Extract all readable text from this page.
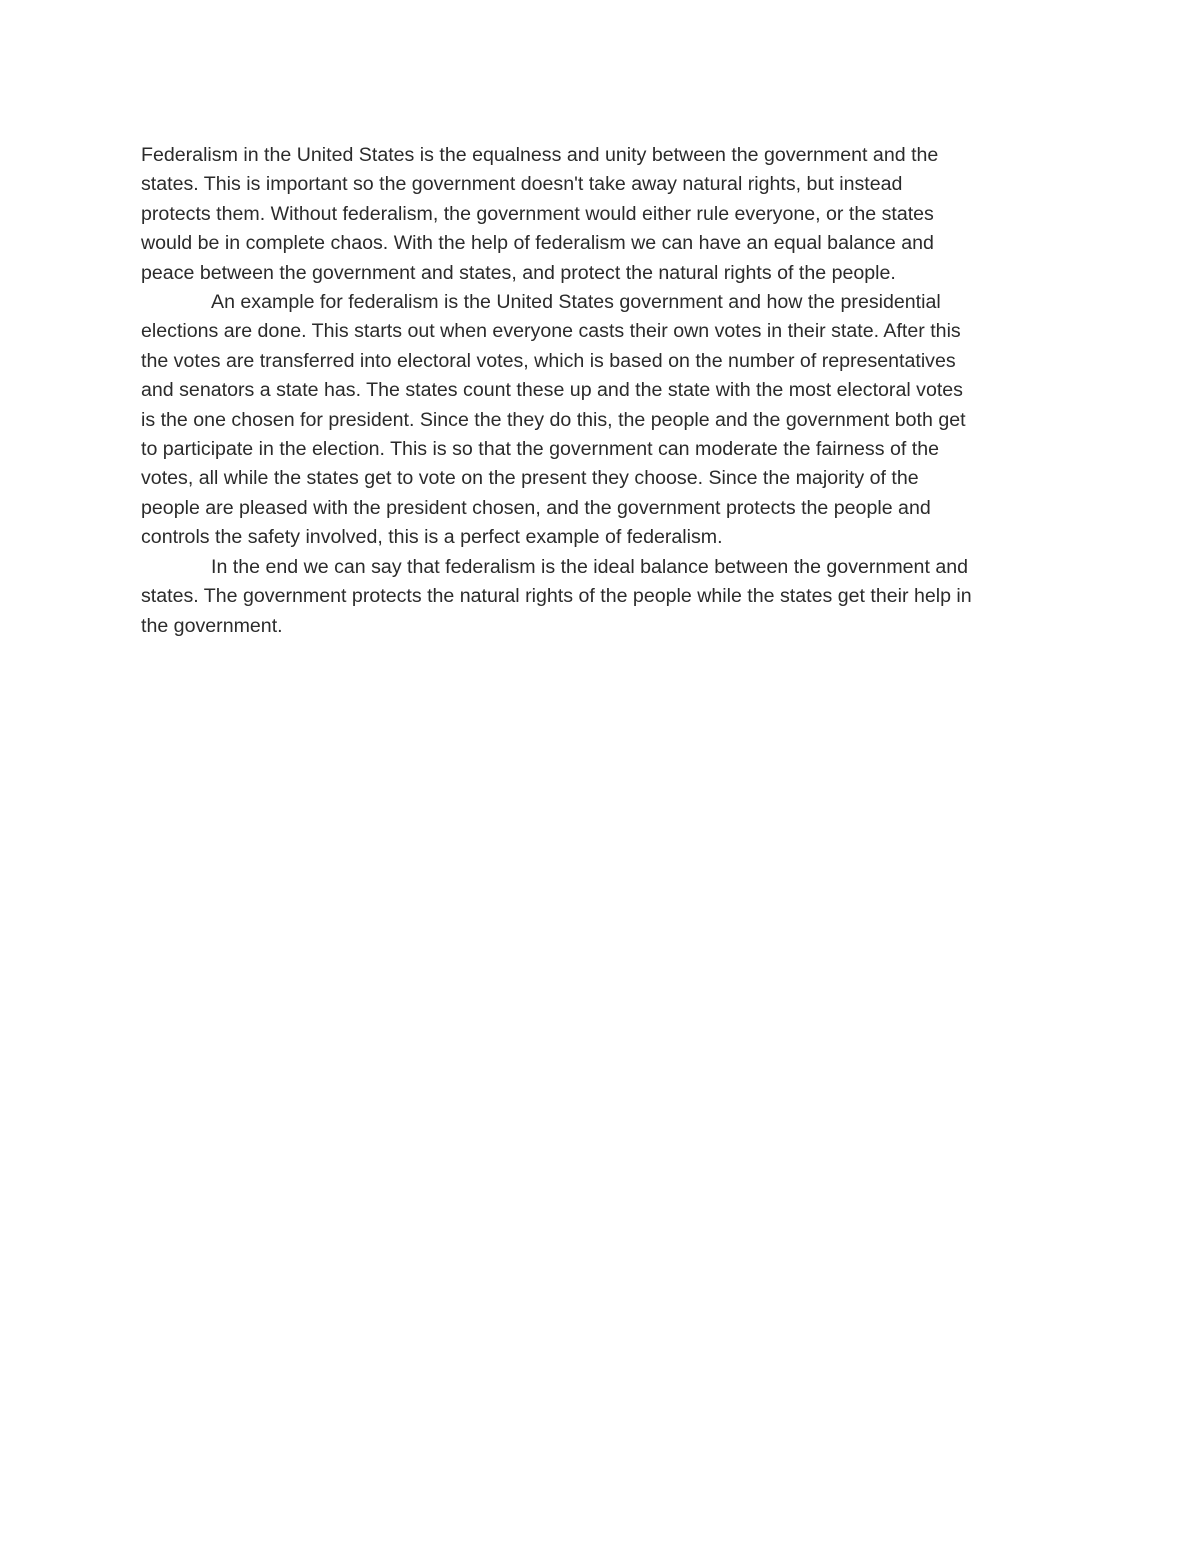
Federalism in the United States is the equalness and unity between the government and the
states. This is important so the government doesn't take away natural rights, but instead
protects them. Without federalism, the government would either rule everyone, or the states
would be in complete chaos. With the help of federalism we can have an equal balance and
peace between the government and states, and protect the natural rights of the people.

An example for federalism is the United States government and how the presidential
elections are done. This starts out when everyone casts their own votes in their state. After this
the votes are transferred into electoral votes, which is based on the number of representatives
and senators a state has. The states count these up and the state with the most electoral votes
is the one chosen for president. Since the they do this, the people and the government both get
to participate in the election. This is so that the government can moderate the fairness of the
votes, all while the states get to vote on the present they choose. Since the majority of the
people are pleased with the president chosen, and the government protects the people and
controls the safety involved, this is a perfect example of federalism.

In the end we can say that federalism is the ideal balance between the government and
states. The government protects the natural rights of the people while the states get their help in
the government.
